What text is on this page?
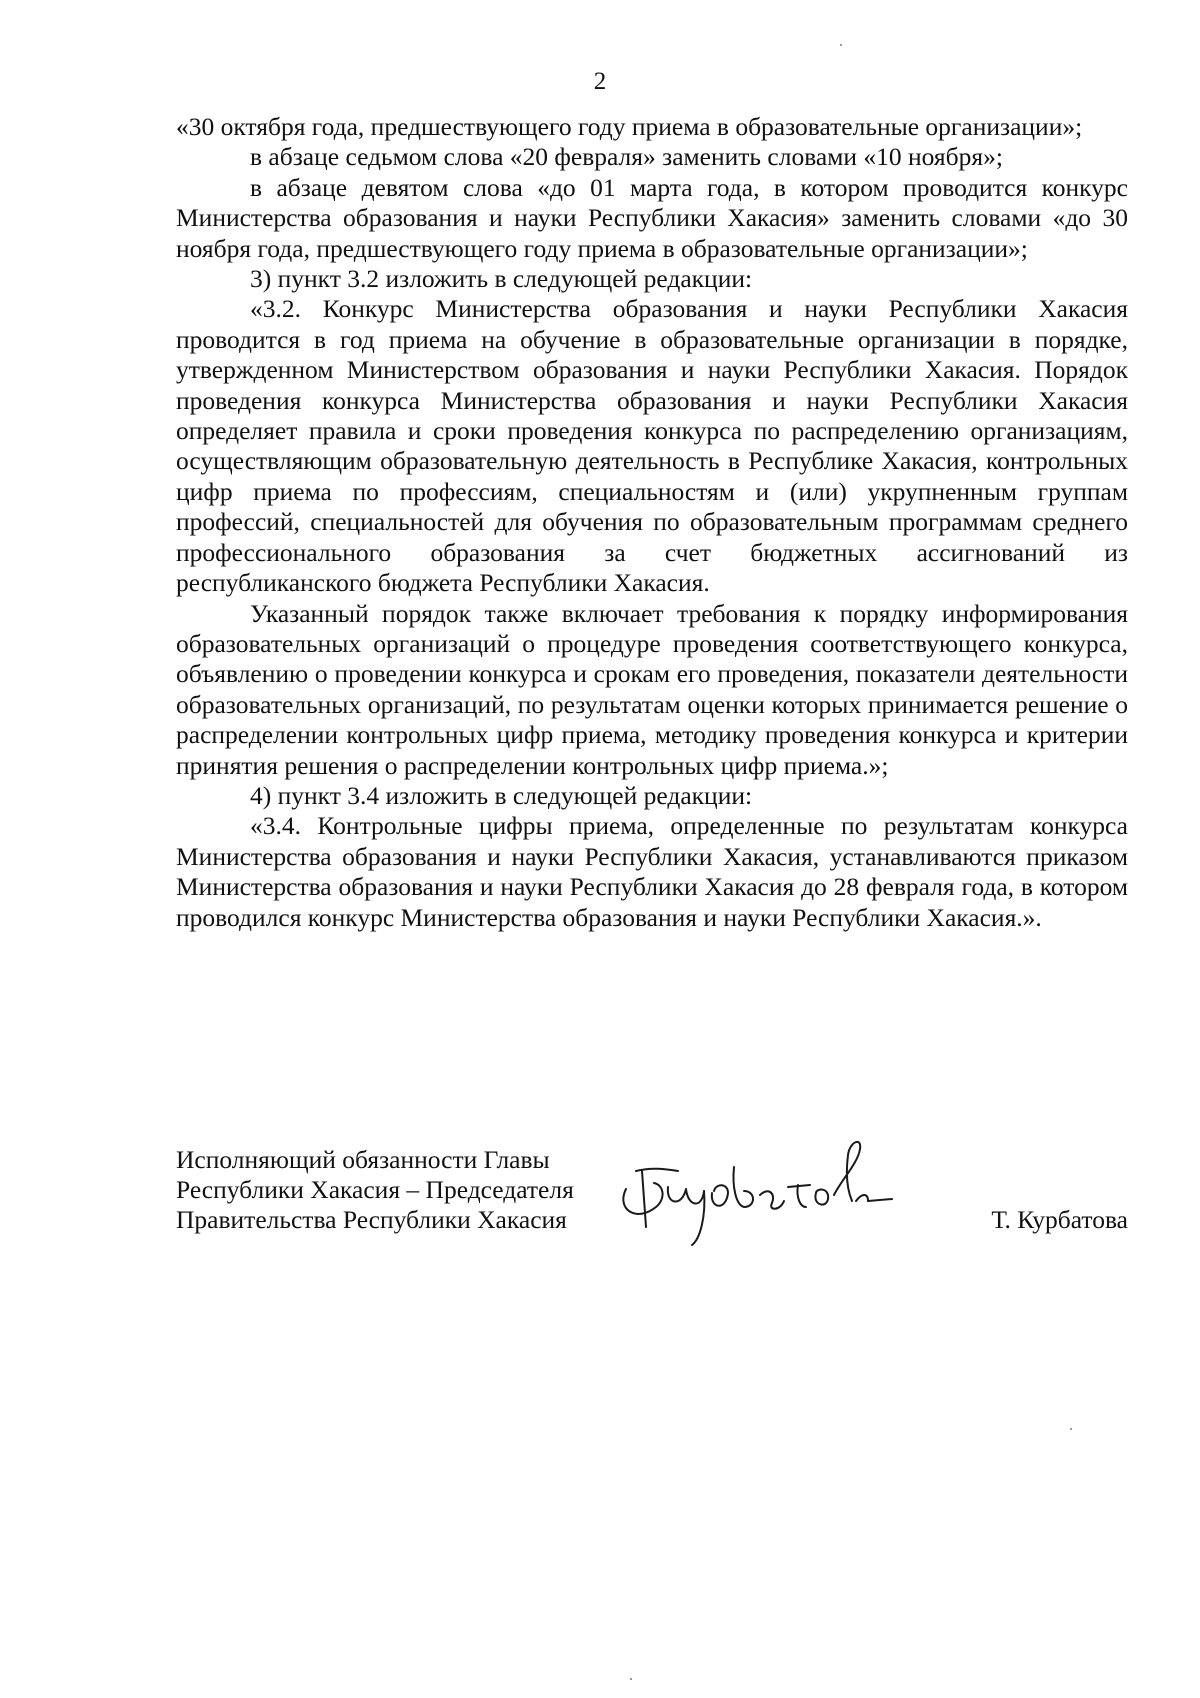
2

«30 октября года, предшествующего году приема в образовательные организации»;

в абзаце седьмом слова «20 февраля» заменить словами «10 ноября»;

в абзаце девятом слова «до 01 марта года, в котором проводится конкурс Министерства образования и науки Республики Хакасия» заменить словами «до 30 ноября года, предшествующего году приема в образовательные организации»;

3) пункт 3.2 изложить в следующей редакции:

«3.2. Конкурс Министерства образования и науки Республики Хакасия проводится в год приема на обучение в образовательные организации в порядке, утвержденном Министерством образования и науки Республики Хакасия. Порядок проведения конкурса Министерства образования и науки Республики Хакасия определяет правила и сроки проведения конкурса по распределению организациям, осуществляющим образовательную деятельность в Республике Хакасия, контрольных цифр приема по профессиям, специальностям и (или) укрупненным группам профессий, специальностей для обучения по образовательным программам среднего профессионального образования за счет бюджетных ассигнований из республиканского бюджета Республики Хакасия.

Указанный порядок также включает требования к порядку информирования образовательных организаций о процедуре проведения соответствующего конкурса, объявлению о проведении конкурса и срокам его проведения, показатели деятельности образовательных организаций, по результатам оценки которых принимается решение о распределении контрольных цифр приема, методику проведения конкурса и критерии принятия решения о распределении контрольных цифр приема.»;

4) пункт 3.4 изложить в следующей редакции:

«3.4. Контрольные цифры приема, определенные по результатам конкурса Министерства образования и науки Республики Хакасия, устанавливаются приказом Министерства образования и науки Республики Хакасия до 28 февраля года, в котором проводился конкурс Министерства образования и науки Республики Хакасия.».

Исполняющий обязанности Главы
Республики Хакасия – Председателя
Правительства Республики Хакасия	Т. Курбатова
